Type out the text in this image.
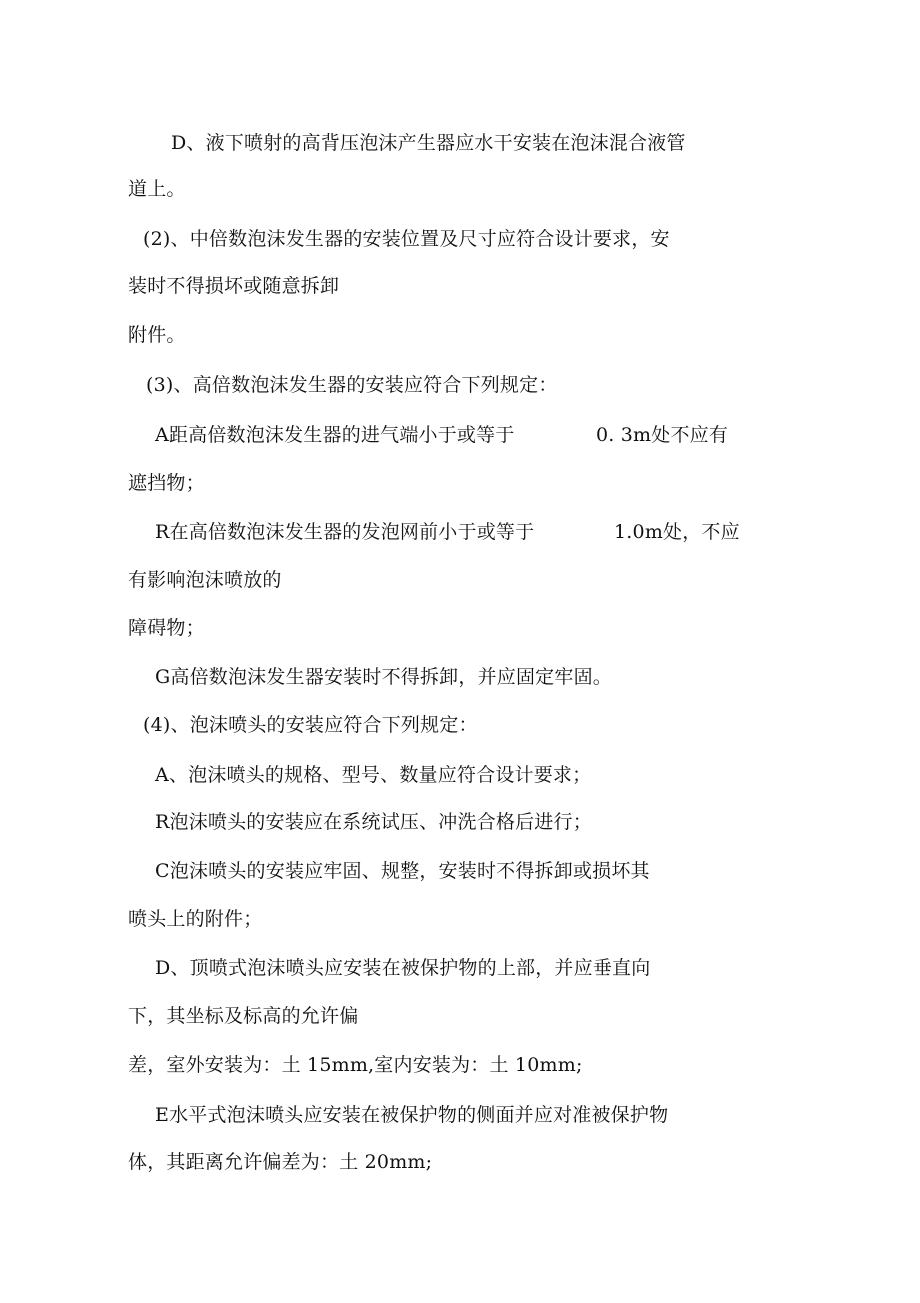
D、液下喷射的高背压泡沫产生器应水干安装在泡沫混合液管
道上。
(2)、中倍数泡沫发生器的安装位置及尺寸应符合设计要求，安
装时不得损坏或随意拆卸
附件。
(3)、高倍数泡沫发生器的安装应符合下列规定：
A距高倍数泡沫发生器的进气端小于或等于	0. 3m处不应有
遮挡物；
R在高倍数泡沫发生器的发泡网前小于或等于	1.0m处，不应
有影响泡沫喷放的
障碍物；
G高倍数泡沫发生器安装时不得拆卸，并应固定牢固。
(4)、泡沫喷头的安装应符合下列规定：
A、泡沫喷头的规格、型号、数量应符合设计要求；
R泡沫喷头的安装应在系统试压、冲洗合格后进行；
C泡沫喷头的安装应牢固、规整，安装时不得拆卸或损坏其
喷头上的附件；
D、顶喷式泡沫喷头应安装在被保护物的上部，并应垂直向
下，其坐标及标高的允许偏
差，室外安装为：土 15mm,室内安装为：土 10mm;
E水平式泡沫喷头应安装在被保护物的侧面并应对准被保护物
体，其距离允许偏差为：土 20mm;
